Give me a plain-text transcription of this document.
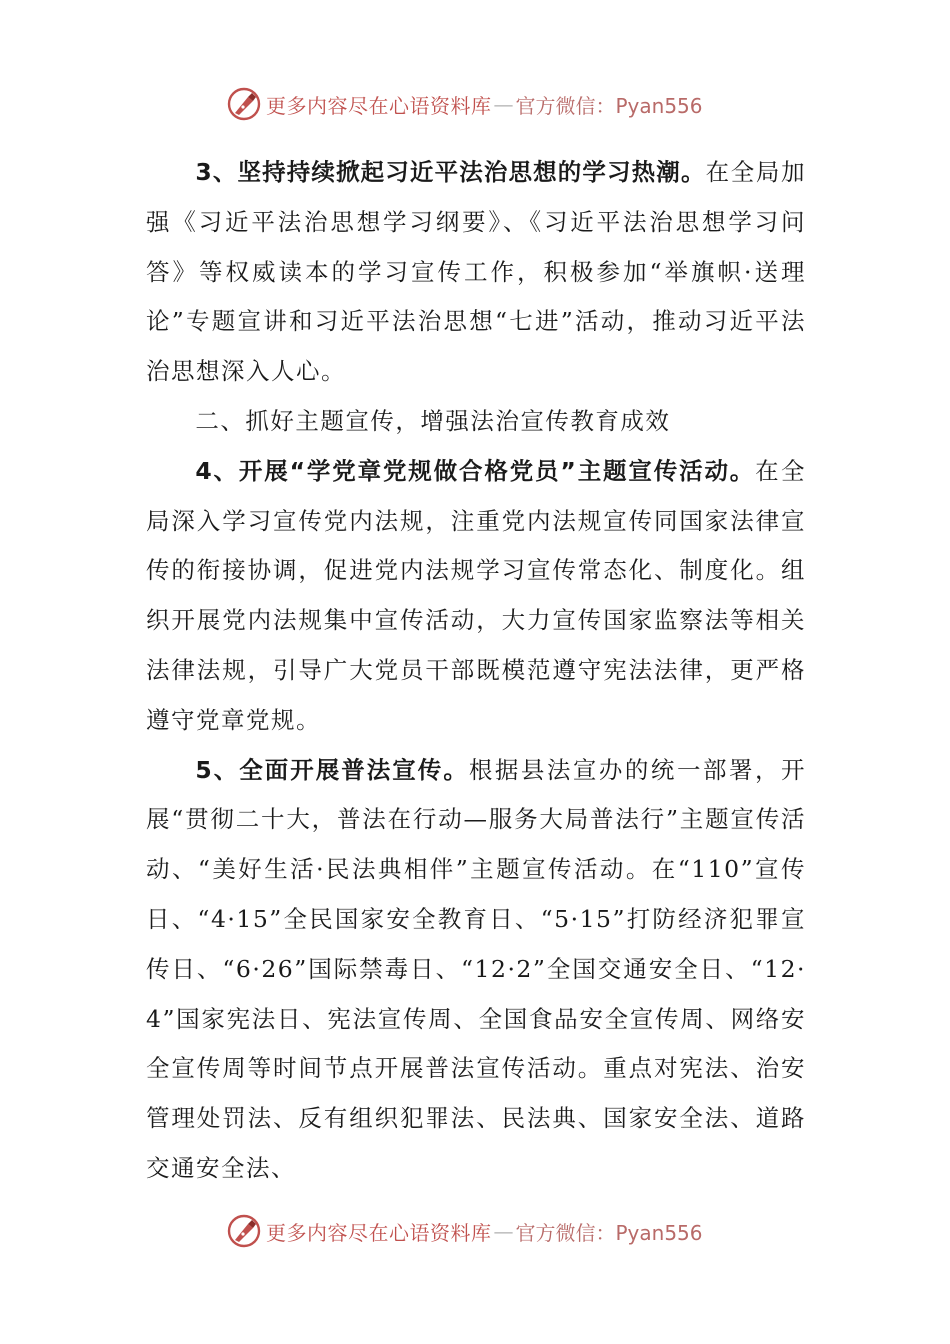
更多内容尽在心语资料库 — 官方微信：Pyan556

3、坚持持续掀起习近平法治思想的学习热潮。在全局加强《习近平法治思想学习纲要》、《习近平法治思想学习问答》等权威读本的学习宣传工作，积极参加“举旗帜·送理论”专题宣讲和习近平法治思想“七进”活动，推动习近平法治思想深入人心。

二、抓好主题宣传，增强法治宣传教育成效

4、开展“学党章党规做合格党员”主题宣传活动。在全局深入学习宣传党内法规，注重党内法规宣传同国家法律宣传的衔接协调，促进党内法规学习宣传常态化、制度化。组织开展党内法规集中宣传活动，大力宣传国家监察法等相关法律法规，引导广大党员干部既模范遵守宪法法律，更严格遵守党章党规。

5、全面开展普法宣传。根据县法宣办的统一部署，开展“贯彻二十大，普法在行动—服务大局普法行”主题宣传活动、“美好生活·民法典相伴”主题宣传活动。在“110”宣传日、“4·15”全民国家安全教育日、“5·15”打防经济犯罪宣传日、“6·26”国际禁毒日、“12·2”全国交通安全日、“12·4”国家宪法日、宪法宣传周、全国食品安全宣传周、网络安全宣传周等时间节点开展普法宣传活动。重点对宪法、治安管理处罚法、反有组织犯罪法、民法典、国家安全法、道路交通安全法、

更多内容尽在心语资料库 — 官方微信：Pyan556
